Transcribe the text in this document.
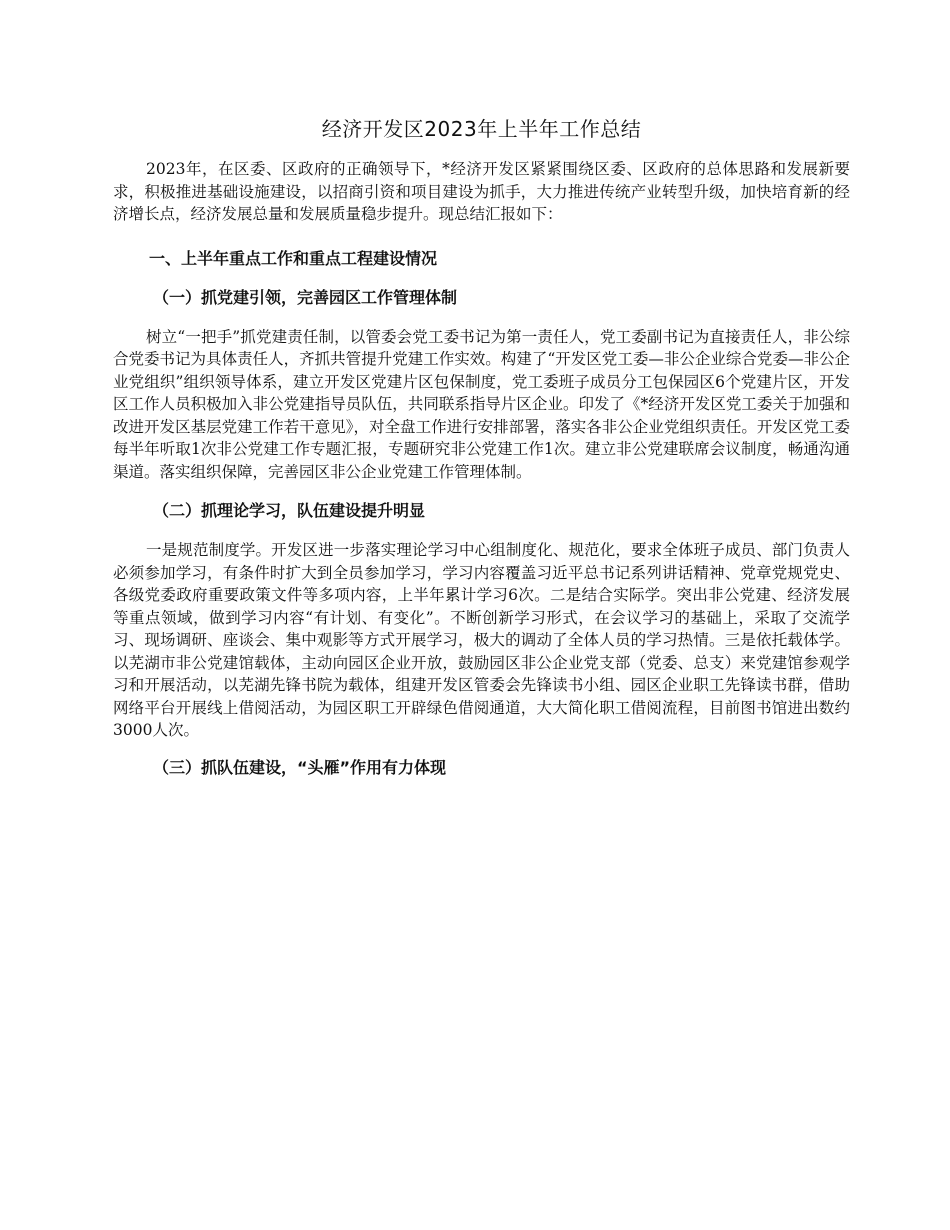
经济开发区2023年上半年工作总结

2023年，在区委、区政府的正确领导下，*经济开发区紧紧围绕区委、区政府的总体思路和发展新要求，积极推进基础设施建设，以招商引资和项目建设为抓手，大力推进传统产业转型升级，加快培育新的经济增长点，经济发展总量和发展质量稳步提升。现总结汇报如下：

一、上半年重点工作和重点工程建设情况
（一）抓党建引领，完善园区工作管理体制

树立“一把手”抓党建责任制，以管委会党工委书记为第一责任人，党工委副书记为直接责任人，非公综合党委书记为具体责任人，齐抓共管提升党建工作实效。构建了“开发区党工委—非公企业综合党委—非公企业党组织”组织领导体系，建立开发区党建片区包保制度，党工委班子成员分工包保园区6个党建片区，开发区工作人员积极加入非公党建指导员队伍，共同联系指导片区企业。印发了《*经济开发区党工委关于加强和改进开发区基层党建工作若干意见》，对全盘工作进行安排部署，落实各非公企业党组织责任。开发区党工委每半年听取1次非公党建工作专题汇报，专题研究非公党建工作1次。建立非公党建联席会议制度，畅通沟通渠道。落实组织保障，完善园区非公企业党建工作管理体制。

（二）抓理论学习，队伍建设提升明显

一是规范制度学。开发区进一步落实理论学习中心组制度化、规范化，要求全体班子成员、部门负责人必须参加学习，有条件时扩大到全员参加学习，学习内容覆盖习近平总书记系列讲话精神、党章党规党史、各级党委政府重要政策文件等多项内容，上半年累计学习6次。二是结合实际学。突出非公党建、经济发展等重点领域，做到学习内容“有计划、有变化”。不断创新学习形式，在会议学习的基础上，采取了交流学习、现场调研、座谈会、集中观影等方式开展学习，极大的调动了全体人员的学习热情。三是依托载体学。以芜湖市非公党建馆载体，主动向园区企业开放，鼓励园区非公企业党支部（党委、总支）来党建馆参观学习和开展活动，以芜湖先锋书院为载体，组建开发区管委会先锋读书小组、园区企业职工先锋读书群，借助网络平台开展线上借阅活动，为园区职工开辟绿色借阅通道，大大简化职工借阅流程，目前图书馆进出数约3000人次。

（三）抓队伍建设，“头雁”作用有力体现
